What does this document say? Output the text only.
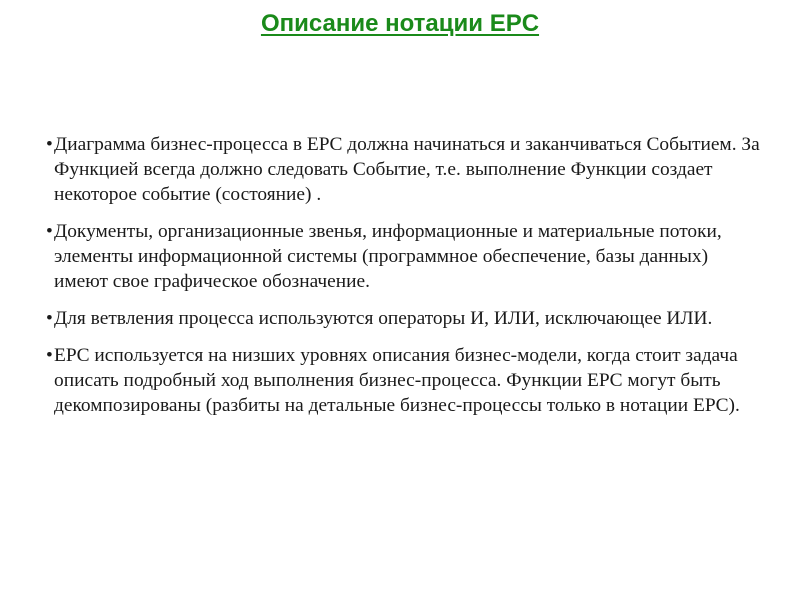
Описание нотации EPC
• Диаграмма бизнес-процесса в EPC должна начинаться и заканчиваться Событием. За Функцией всегда должно следовать Событие, т.е. выполнение Функции создает некоторое событие (состояние) .
• Документы, организационные звенья, информационные и материальные потоки, элементы информационной системы (программное обеспечение, базы данных) имеют свое графическое обозначение.
• Для ветвления процесса используются операторы И, ИЛИ, исключающее ИЛИ.
• EPC используется на низших уровнях описания бизнес-модели, когда стоит задача описать подробный ход выполнения бизнес-процесса. Функции EPC могут быть декомпозированы (разбиты на детальные бизнес-процессы только в нотации EPC).
